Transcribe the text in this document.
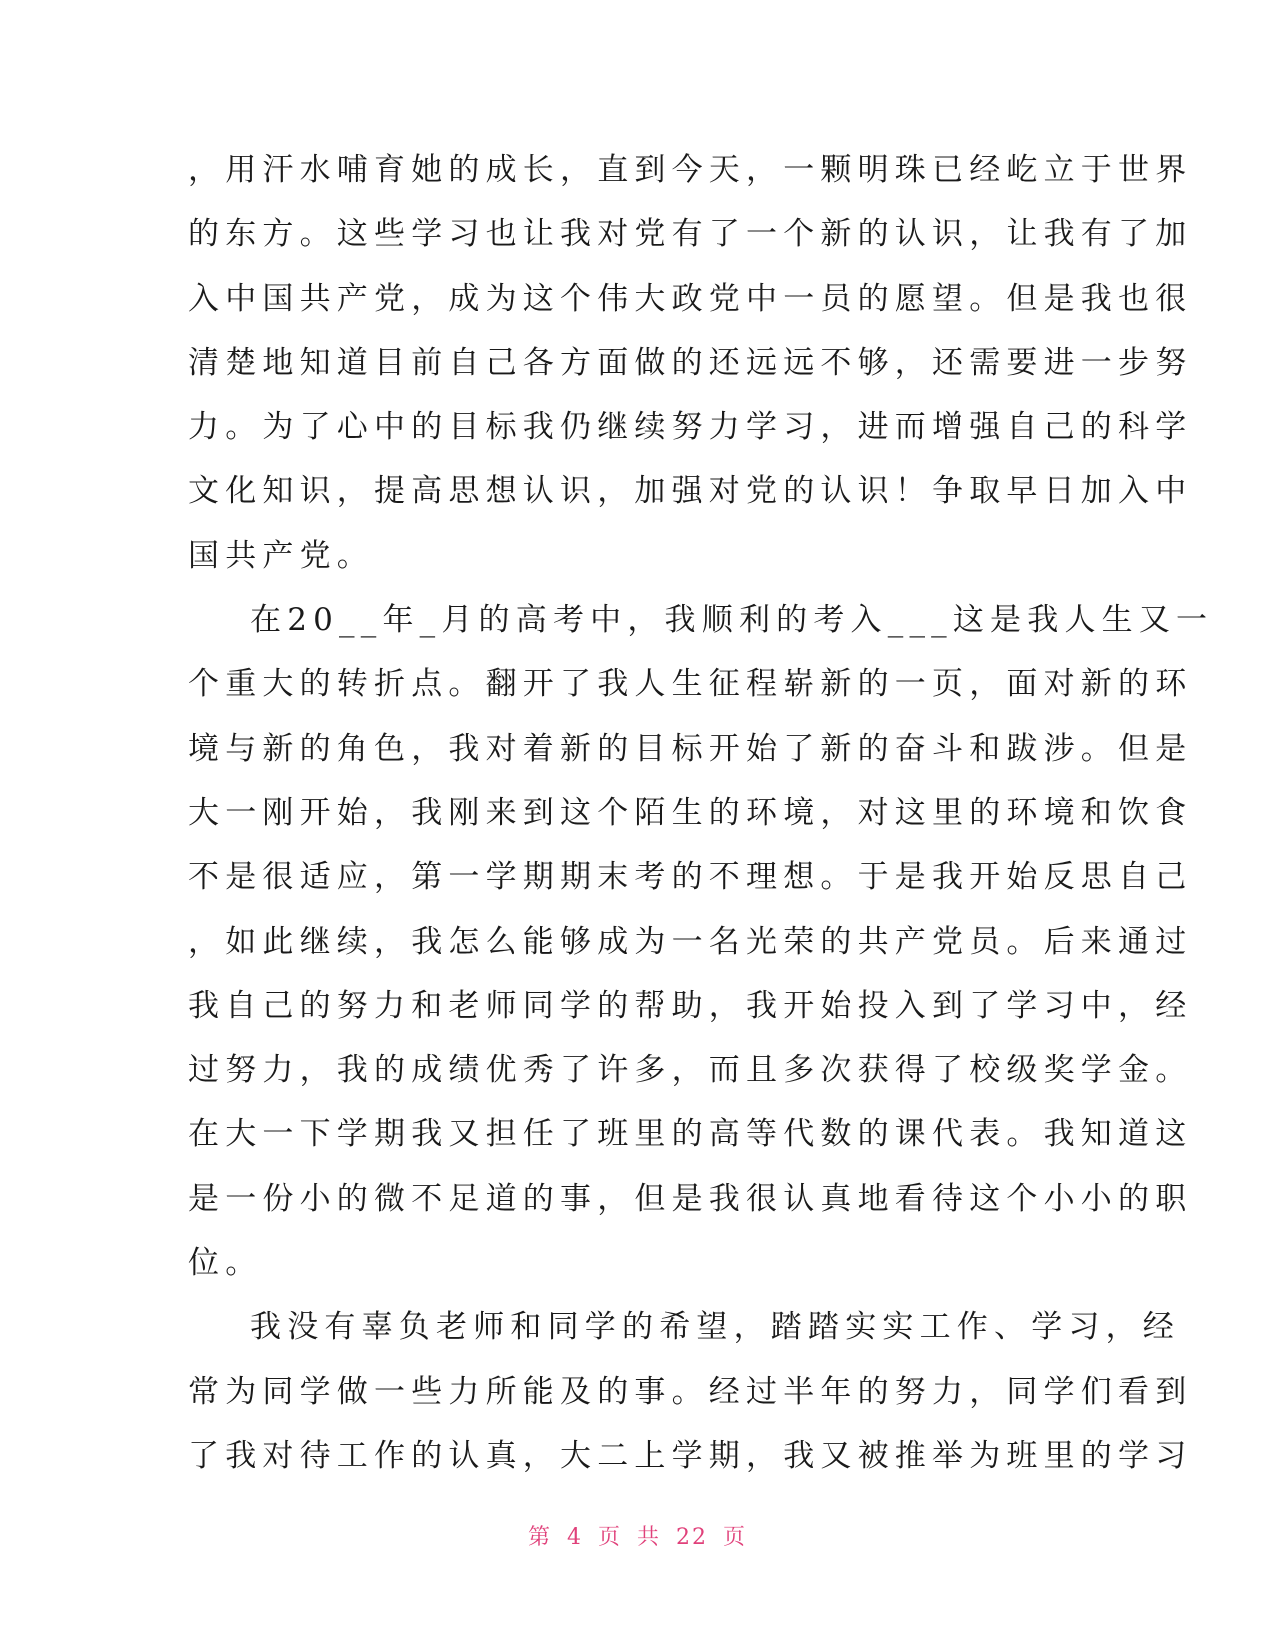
，用汗水哺育她的成长，直到今天，一颗明珠已经屹立于世界
的东方。这些学习也让我对党有了一个新的认识，让我有了加
入中国共产党，成为这个伟大政党中一员的愿望。但是我也很
清楚地知道目前自己各方面做的还远远不够，还需要进一步努
力。为了心中的目标我仍继续努力学习，进而增强自己的科学
文化知识，提高思想认识，加强对党的认识！争取早日加入中
国共产党。
在20__年_月的高考中，我顺利的考入___这是我人生又一
个重大的转折点。翻开了我人生征程崭新的一页，面对新的环
境与新的角色，我对着新的目标开始了新的奋斗和跋涉。但是
大一刚开始，我刚来到这个陌生的环境，对这里的环境和饮食
不是很适应，第一学期期末考的不理想。于是我开始反思自己
，如此继续，我怎么能够成为一名光荣的共产党员。后来通过
我自己的努力和老师同学的帮助，我开始投入到了学习中，经
过努力，我的成绩优秀了许多，而且多次获得了校级奖学金。
在大一下学期我又担任了班里的高等代数的课代表。我知道这
是一份小的微不足道的事，但是我很认真地看待这个小小的职
位。
我没有辜负老师和同学的希望，踏踏实实工作、学习，经
常为同学做一些力所能及的事。经过半年的努力，同学们看到
了我对待工作的认真，大二上学期，我又被推举为班里的学习
第 4 页 共 22 页
